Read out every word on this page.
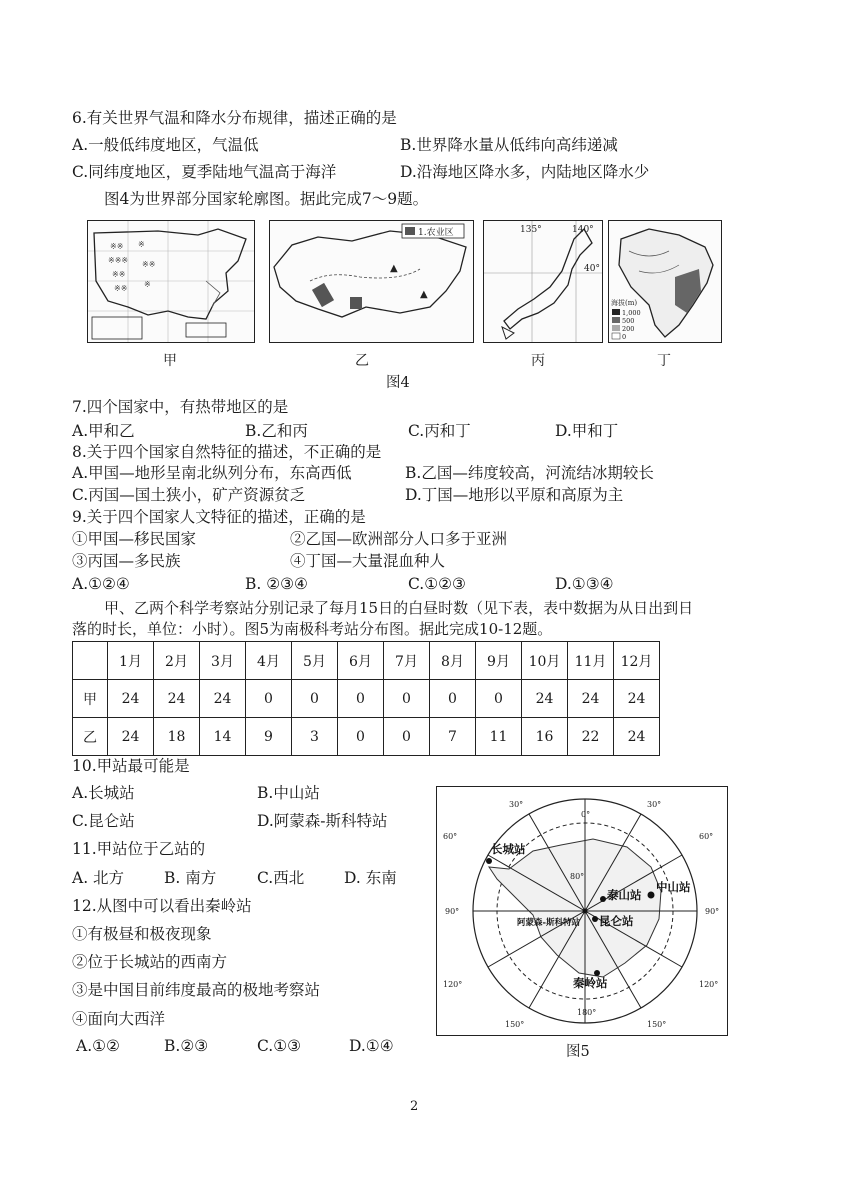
6.有关世界气温和降水分布规律，描述正确的是
A.一般低纬度地区，气温低	B.世界降水量从低纬向高纬递减
C.同纬度地区，夏季陆地气温高于海洋	D.沿海地区降水多，内陆地区降水少
图4为世界部分国家轮廓图。据此完成7～9题。
※※
※※※
※※
※※
※
※※
※
1.农业区
▲
▲
135°	140°
40°
海拔(m)
1,000
500
200
0
甲	乙	丙	丁
图4
7.四个国家中，有热带地区的是
A.甲和乙	B.乙和丙	C.丙和丁	D.甲和丁
8.关于四个国家自然特征的描述，不正确的是
A.甲国—地形呈南北纵列分布，东高西低	B.乙国—纬度较高，河流结冰期较长
C.丙国—国土狭小，矿产资源贫乏	D.丁国—地形以平原和高原为主
9.关于四个国家人文特征的描述，正确的是
①甲国—移民国家	②乙国—欧洲部分人口多于亚洲
③丙国—多民族	④丁国—大量混血种人
A.①②④	B. ②③④	C.①②③	D.①③④
甲、乙两个科学考察站分别记录了每月15日的白昼时数（见下表，表中数据为从日出到日
落的时长，单位：小时）。图5为南极科考站分布图。据此完成10-12题。
	1月	2月	3月	4月	5月	6月	7月	8月	9月	10月	11月	12月
甲	24	24	24	0	0	0	0	0	0	24	24	24
乙	24	18	14	9	3	0	0	7	11	16	22	24
10.甲站最可能是
A.长城站	B.中山站
C.昆仑站	D.阿蒙森-斯科特站
11.甲站位于乙站的
A. 北方	B. 南方	C.西北	D. 东南
12.从图中可以看出秦岭站
①有极昼和极夜现象
②位于长城站的西南方
③是中国目前纬度最高的极地考察站
④面向大西洋
A.①②	B.②③	C.①③	D.①④
30°
0°
30°
60°	60°
90°	90°
120°	120°
150°
180°
150°
80°
长城站
泰山站
中山站
昆仑站
阿蒙森-斯科特站
秦岭站
图5
2
